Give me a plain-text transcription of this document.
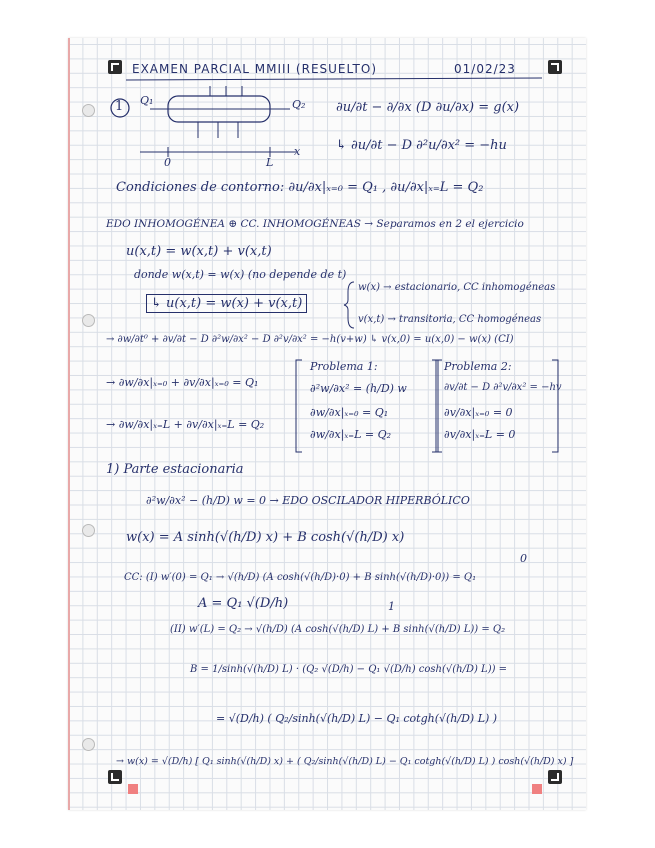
EXAMEN PARCIAL MMIII (RESUELTO)	01/02/23
1 Q₁	Q₂
0	L
x
∂u/∂t − ∂/∂x (D ∂u/∂x) = g(x)
↳ ∂u/∂t − D ∂²u/∂x² = −hu
Condiciones de contorno: ∂u/∂x|ₓ₌₀ = Q₁ , ∂u/∂x|ₓ₌L = Q₂
EDO INHOMOGÉNEA ⊕ CC. INHOMOGÉNEAS → Separamos en 2 el ejercicio
u(x,t) = w(x,t) + v(x,t)
donde w(x,t) = w(x) (no depende de t)
↳ u(x,t) = w(x) + v(x,t)
w(x) → estacionario, CC inhomogéneas
v(x,t) → transitoria, CC homogéneas
→ ∂w/∂t⁰ + ∂v/∂t − D ∂²w/∂x² − D ∂²v/∂x² = −h(v+w) ↳ v(x,0) = u(x,0) − w(x) (CI)
→ ∂w/∂x|ₓ₌₀ + ∂v/∂x|ₓ₌₀ = Q₁
→ ∂w/∂x|ₓ₌L + ∂v/∂x|ₓ₌L = Q₂
Problema 1:
∂²w/∂x² = (h/D) w
∂w/∂x|ₓ₌₀ = Q₁
∂w/∂x|ₓ₌L = Q₂
Problema 2:
∂v/∂t − D ∂²v/∂x² = −hv
∂v/∂x|ₓ₌₀ = 0
∂v/∂x|ₓ₌L = 0
1) Parte estacionaria
∂²w/∂x² − (h/D) w = 0 → EDO OSCILADOR HIPERBÓLICO
w(x) = A sinh(√(h/D) x) + B cosh(√(h/D) x)
0
CC: (I) w′(0) = Q₁ → √(h/D) (A cosh(√(h/D)·0) + B sinh(√(h/D)·0)) = Q₁
1
A = Q₁ √(D/h)
(II) w′(L) = Q₂ → √(h/D) (A cosh(√(h/D) L) + B sinh(√(h/D) L)) = Q₂
B = 1/sinh(√(h/D) L) · (Q₂ √(D/h) − Q₁ √(D/h) cosh(√(h/D) L)) =
= √(D/h) ( Q₂/sinh(√(h/D) L) − Q₁ cotgh(√(h/D) L) )
→ w(x) = √(D/h) [ Q₁ sinh(√(h/D) x) + ( Q₂/sinh(√(h/D) L) − Q₁ cotgh(√(h/D) L) ) cosh(√(h/D) x) ]
